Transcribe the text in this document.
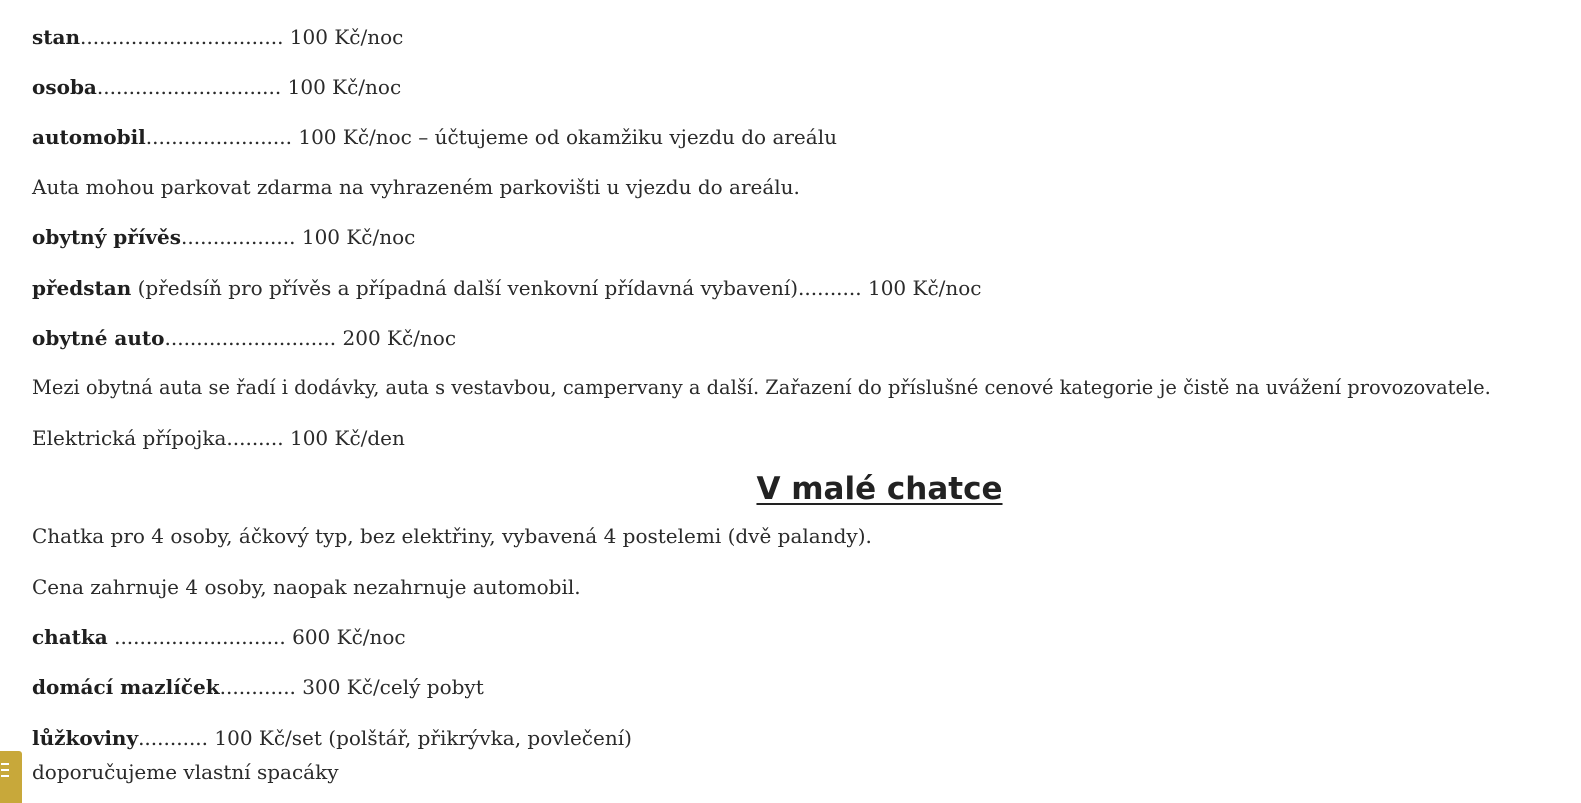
stan................................ 100 Kč/noc
osoba............................. 100 Kč/noc
automobil....................... 100 Kč/noc – účtujeme od okamžiku vjezdu do areálu
Auta mohou parkovat zdarma na vyhrazeném parkovišti u vjezdu do areálu.
obytný přívěs.................. 100 Kč/noc
předstan (předsíň pro přívěs a případná další venkovní přídavná vybavení).......... 100 Kč/noc
obytné auto........................... 200 Kč/noc
Mezi obytná auta se řadí i dodávky, auta s vestavbou, campervany a další. Zařazení do příslušné cenové kategorie je čistě na uvážení provozovatele.
Elektrická přípojka......... 100 Kč/den
V malé chatce
Chatka pro 4 osoby, áčkový typ, bez elektřiny, vybavená 4 postelemi (dvě palandy).
Cena zahrnuje 4 osoby, naopak nezahrnuje automobil.
chatka ........................... 600 Kč/noc
domácí mazlíček............ 300 Kč/celý pobyt
lůžkoviny........... 100 Kč/set (polštář, přikrývka, povlečení)
doporučujeme vlastní spacáky
